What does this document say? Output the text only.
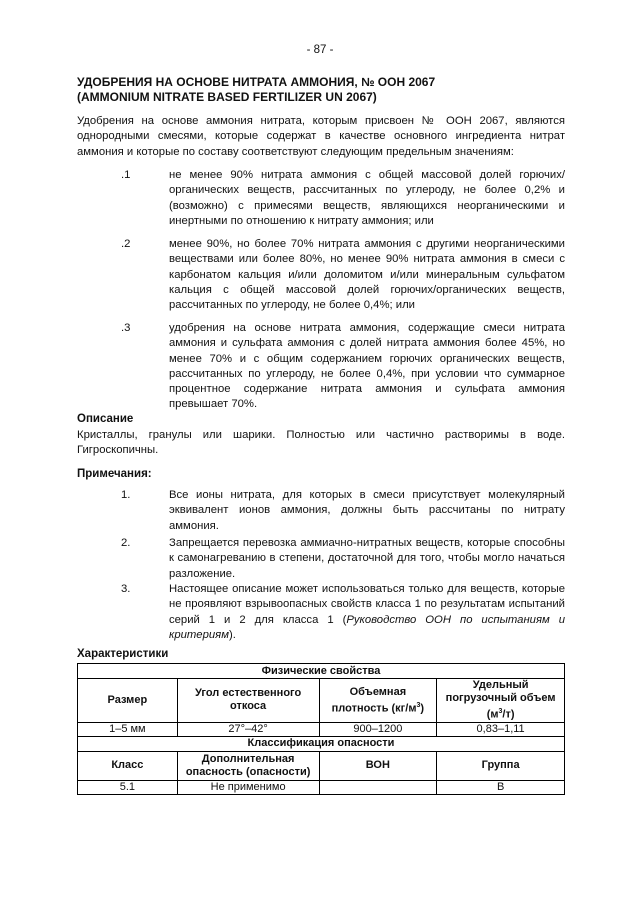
- 87 -
УДОБРЕНИЯ НА ОСНОВЕ НИТРАТА АММОНИЯ, № ООН 2067
(AMMONIUM NITRATE BASED FERTILIZER UN 2067)
Удобрения на основе аммония нитрата, которым присвоен № ООН 2067, являются однородными смесями, которые содержат в качестве основного ингредиента нитрат аммония и которые по составу соответствуют следующим предельным значениям:
.1	не менее 90% нитрата аммония с общей массовой долей горючих/органических веществ, рассчитанных по углероду, не более 0,2% и (возможно) с примесями веществ, являющихся неорганическими и инертными по отношению к нитрату аммония; или
.2	менее 90%, но более 70% нитрата аммония с другими неорганическими веществами или более 80%, но менее 90% нитрата аммония в смеси с карбонатом кальция и/или доломитом и/или минеральным сульфатом кальция с общей массовой долей горючих/органических веществ, рассчитанных по углероду, не более 0,4%; или
.3	удобрения на основе нитрата аммония, содержащие смеси нитрата аммония и сульфата аммония с долей нитрата аммония более 45%, но менее 70% и с общим содержанием горючих органических веществ, рассчитанных по углероду, не более 0,4%, при условии что суммарное процентное содержание нитрата аммония и сульфата аммония превышает 70%.
Описание
Кристаллы, гранулы или шарики. Полностью или частично растворимы в воде. Гигроскопичны.
Примечания:
1.	Все ионы нитрата, для которых в смеси присутствует молекулярный эквивалент ионов аммония, должны быть рассчитаны по нитрату аммония.
2.	Запрещается перевозка аммиачно-нитратных веществ, которые способны к самонагреванию в степени, достаточной для того, чтобы могло начаться разложение.
3.	Настоящее описание может использоваться только для веществ, которые не проявляют взрывоопасных свойств класса 1 по результатам испытаний серий 1 и 2 для класса 1 (Руководство ООН по испытаниям и критериям).
Характеристики
Физические свойства			
Размер	Угол естественного откоса	Объемная плотность $(кг/м^3)$	Удельный погрузочный объем $(м^3/т)$
1–5 мм	27°–42°	900–1200	0,83–1,11
Классификация опасности			
Класс	Дополнительная опасность (опасности)	ВОН	Группа
5.1	Не применимо		B
